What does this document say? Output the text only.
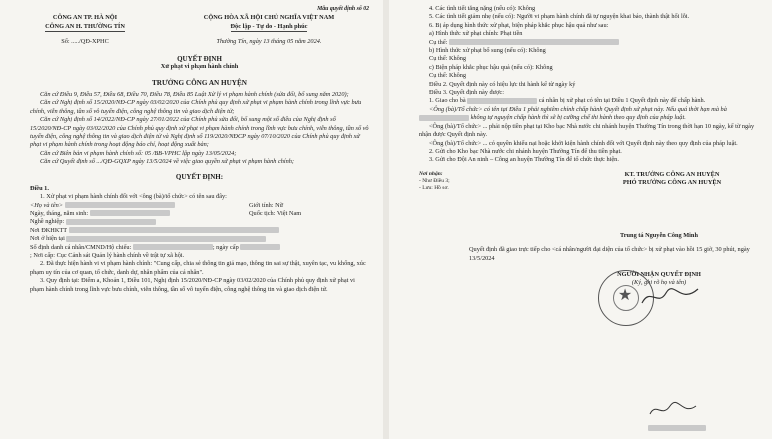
Mẫu quyết định số 02
CÔNG AN TP. HÀ NỘI
CÔNG AN H. THƯỜNG TÍN
CỘNG HÒA XÃ HỘI CHỦ NGHĨA VIỆT NAM
Độc lập - Tự do - Hạnh phúc
Số: ...../QĐ-XPHC	Thường Tín, ngày 13 tháng 05 năm 2024.
QUYẾT ĐỊNH
Xử phạt vi phạm hành chính
TRƯỞNG CÔNG AN HUYỆN

Căn cứ Điều 9, Điều 57, Điều 68, Điều 70, Điều 78, Điều 85 Luật Xử lý vi phạm hành chính (sửa đổi, bổ sung năm 2020);

Căn cứ Nghị định số 15/2020/NĐ-CP ngày 03/02/2020 của Chính phủ quy định xử phạt vi phạm hành chính trong lĩnh vực bưu chính, viễn thông, tần số vô tuyến điện, công nghệ thông tin và giao dịch điện tử;

Căn cứ Nghị định số 14/2022/NĐ-CP ngày 27/01/2022 của Chính phủ sửa đổi, bổ sung một số điều của Nghị định số 15/2020/NĐ-CP ngày 03/02/2020 của Chính phủ quy định xử phạt vi phạm hành chính trong lĩnh vực bưu chính, viễn thông, tần số vô tuyến điện, công nghệ thông tin và giao dịch điện tử và Nghị định số 119/2020/NĐCP ngày 07/10/2020 của Chính phủ quy định xử phạt vi phạm hành chính trong hoạt động báo chí, hoạt động xuất bản;

Căn cứ Biên bản vi phạm hành chính số: 05 /BB-VPHC lập ngày 13/05/2024;

Căn cứ Quyết định số .../QĐ-GQXP ngày 13/5/2024 về việc giao quyền xử phạt vi phạm hành chính;

QUYẾT ĐỊNH:
Điều 1.

1. Xử phạt vi phạm hành chính đối với <ông (bà)/tổ chức> có tên sau đây:

<Họ và tên>	Giới tính: Nữ
Ngày, tháng, năm sinh:	Quốc tịch: Việt Nam
Nghề nghiệp:
Nơi ĐKHKTT
Nơi ở hiện tại
Số định danh cá nhân/CMND/Hộ chiếu:	; ngày cấp

; Nơi cấp: Cục Cảnh sát Quản lý hành chính về trật tự xã hội.

2. Đã thực hiện hành vi vi phạm hành chính: "Cung cấp, chia sẻ thông tin giả mạo, thông tin sai sự thật, xuyên tạc, vu khống, xúc phạm uy tín của cơ quan, tổ chức, danh dự, nhân phẩm của cá nhân".

3. Quy định tại: Điểm a, Khoản 1, Điều 101, Nghị định 15/2020/NĐ-CP ngày 03/02/2020 của Chính phủ quy định xử phạt vi phạm hành chính trong lĩnh vực bưu chính, viễn thông, tần số vô tuyến điện, công nghệ thông tin và giao dịch điện tử.

4. Các tình tiết tăng nặng (nếu có): Không

5. Các tình tiết giảm nhẹ (nếu có): Người vi phạm hành chính đã tự nguyện khai báo, thành thật hối lỗi.

6. Bị áp dụng hình thức xử phạt, biện pháp khắc phục hậu quả như sau:

a) Hình thức xử phạt chính: Phạt tiền

Cụ thể:

b) Hình thức xử phạt bổ sung (nếu có): Không

Cụ thể: Không

c) Biện pháp khắc phục hậu quả (nếu có): Không

Cụ thể: Không

Điều 2. Quyết định này có hiệu lực thi hành kể từ ngày ký

Điều 3. Quyết định này được:

1. Giao cho bà	cá nhân bị xử phạt có tên tại Điều 1 Quyết định này để chấp hành.

<Ông (bà)/Tổ chức> có tên tại Điều 1 phải nghiêm chỉnh chấp hành Quyết định xử phạt này. Nếu quá thời hạn mà bà  không tự nguyện chấp hành thì sẽ bị cưỡng chế thi hành theo quy định của pháp luật.

<Ông (bà)/Tổ chức> ... phải nộp tiền phạt tại Kho bạc Nhà nước chi nhánh huyện Thường Tín trong thời hạn 10 ngày, kể từ ngày nhận được Quyết định này.

<Ông (bà)/Tổ chức> ... có quyền khiếu nại hoặc khởi kiện hành chính đối với Quyết định này theo quy định của pháp luật.

2. Gửi cho Kho bạc Nhà nước chi nhánh huyện Thường Tín để thu tiền phạt.

3. Gửi cho Đội An ninh – Công an huyện Thường Tín để tổ chức thực hiện.

Nơi nhận:
- Như Điều 3;
- Lưu: Hồ sơ.
KT. TRƯỞNG CÔNG AN HUYỆN
PHÓ TRƯỞNG CÔNG AN HUYỆN
Trung tá Nguyễn Công Minh
Quyết định đã giao trực tiếp cho <cá nhân/người đại diện của tổ chức> bị xử phạt vào hồi 15 giờ, 30 phút, ngày 13/5/2024
NGƯỜI NHẬN QUYẾT ĐỊNH
(Ký, ghi rõ họ và tên)
★
